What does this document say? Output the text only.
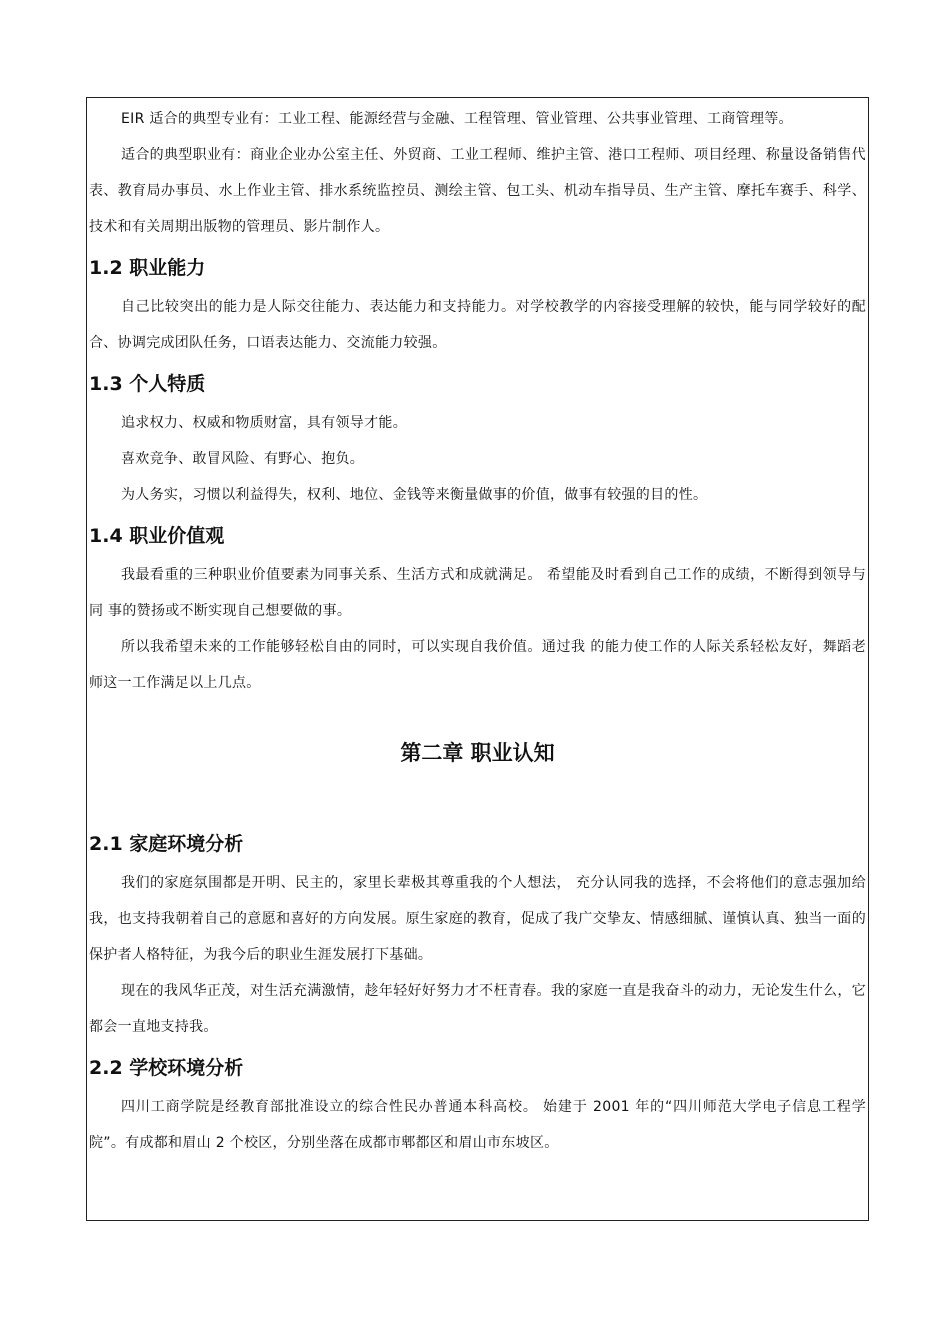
EIR 适合的典型专业有：工业工程、能源经营与金融、工程管理、管业管理、公共事业管理、工商管理等。

适合的典型职业有：商业企业办公室主任、外贸商、工业工程师、维护主管、港口工程师、项目经理、称量设备销售代表、教育局办事员、水上作业主管、排水系统监控员、测绘主管、包工头、机动车指导员、生产主管、摩托车赛手、科学、技术和有关周期出版物的管理员、影片制作人。

1.2 职业能力

自己比较突出的能力是人际交往能力、表达能力和支持能力。对学校教学的内容接受理解的较快，能与同学较好的配合、协调完成团队任务，口语表达能力、交流能力较强。

1.3 个人特质

追求权力、权威和物质财富，具有领导才能。

喜欢竞争、敢冒风险、有野心、抱负。

为人务实，习惯以利益得失，权利、地位、金钱等来衡量做事的价值，做事有较强的目的性。

1.4 职业价值观

我最看重的三种职业价值要素为同事关系、生活方式和成就满足。 希望能及时看到自己工作的成绩，不断得到领导与同 事的赞扬或不断实现自己想要做的事。

所以我希望未来的工作能够轻松自由的同时，可以实现自我价值。通过我 的能力使工作的人际关系轻松友好，舞蹈老师这一工作满足以上几点。

第二章 职业认知
2.1 家庭环境分析

我们的家庭氛围都是开明、民主的，家里长辈极其尊重我的个人想法， 充分认同我的选择，不会将他们的意志强加给我，也支持我朝着自己的意愿和喜好的方向发展。原生家庭的教育，促成了我广交挚友、情感细腻、谨慎认真、独当一面的保护者人格特征，为我今后的职业生涯发展打下基础。

现在的我风华正茂，对生活充满激情，趁年轻好好努力才不枉青春。我的家庭一直是我奋斗的动力，无论发生什么，它都会一直地支持我。

2.2 学校环境分析

四川工商学院是经教育部批准设立的综合性民办普通本科高校。 始建于 2001 年的“四川师范大学电子信息工程学院”。有成都和眉山 2 个校区，分别坐落在成都市郫都区和眉山市东坡区。
